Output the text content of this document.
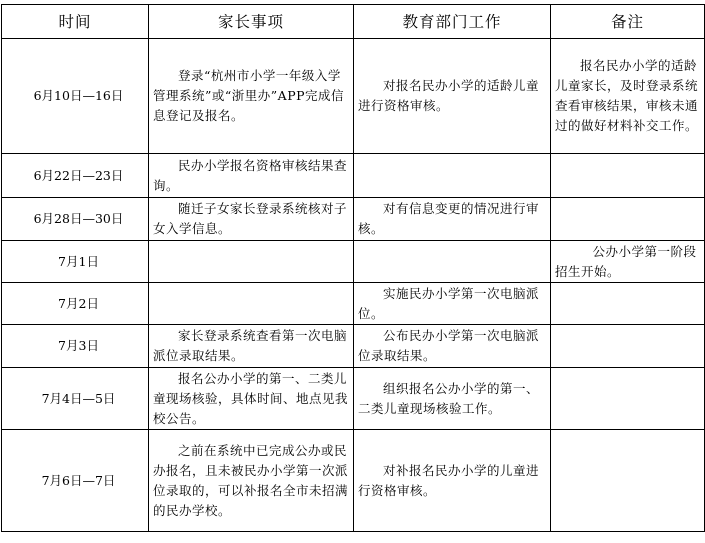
时间	家长事项	教育部门工作	备注

6月10日—16日	登录“杭州市小学一年级入学管理系统”或“浙里办”APP完成信息登记及报名。	对报名民办小学的适龄儿童进行资格审核。	报名民办小学的适龄儿童家长，及时登录系统查看审核结果，审核未通过的做好材料补交工作。

6月22日—23日	民办小学报名资格审核结果查询。		

6月28日—30日	随迁子女家长登录系统核对子女入学信息。	对有信息变更的情况进行审核。	

7月1日			公办小学第一阶段招生开始。

7月2日		实施民办小学第一次电脑派位。	

7月3日	家长登录系统查看第一次电脑派位录取结果。	公布民办小学第一次电脑派位录取结果。	

7月4日—5日	报名公办小学的第一、二类儿童现场核验，具体时间、地点见我校公告。	组织报名公办小学的第一、二类儿童现场核验工作。	

7月6日—7日	之前在系统中已完成公办或民办报名，且未被民办小学第一次派位录取的，可以补报名全市未招满的民办学校。	对补报名民办小学的儿童进行资格审核。	
